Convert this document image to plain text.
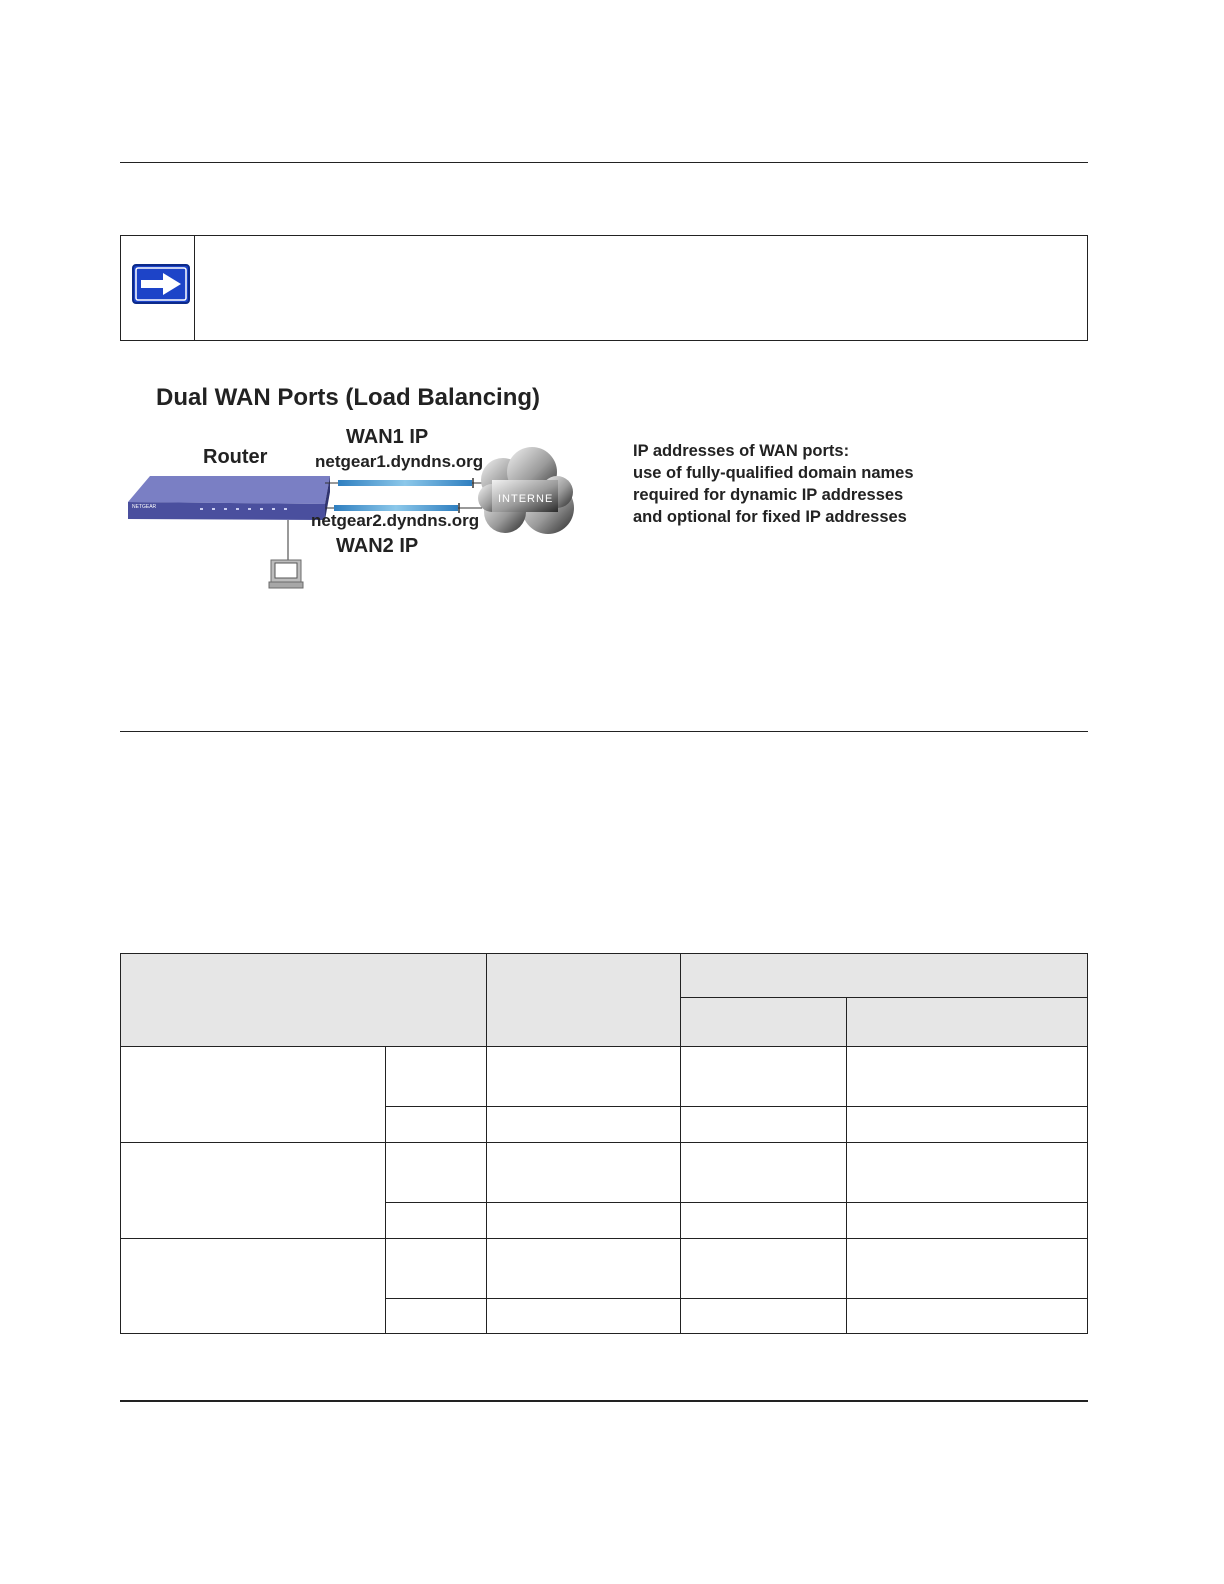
Dual WAN Ports (Load Balancing)
NETGEAR
INTERNE
Router
WAN1 IP
netgear1.dyndns.org
netgear2.dyndns.org
WAN2 IP
IP addresses of WAN ports:
use of fully-qualified domain names
required for dynamic IP addresses
and optional for fixed IP addresses
